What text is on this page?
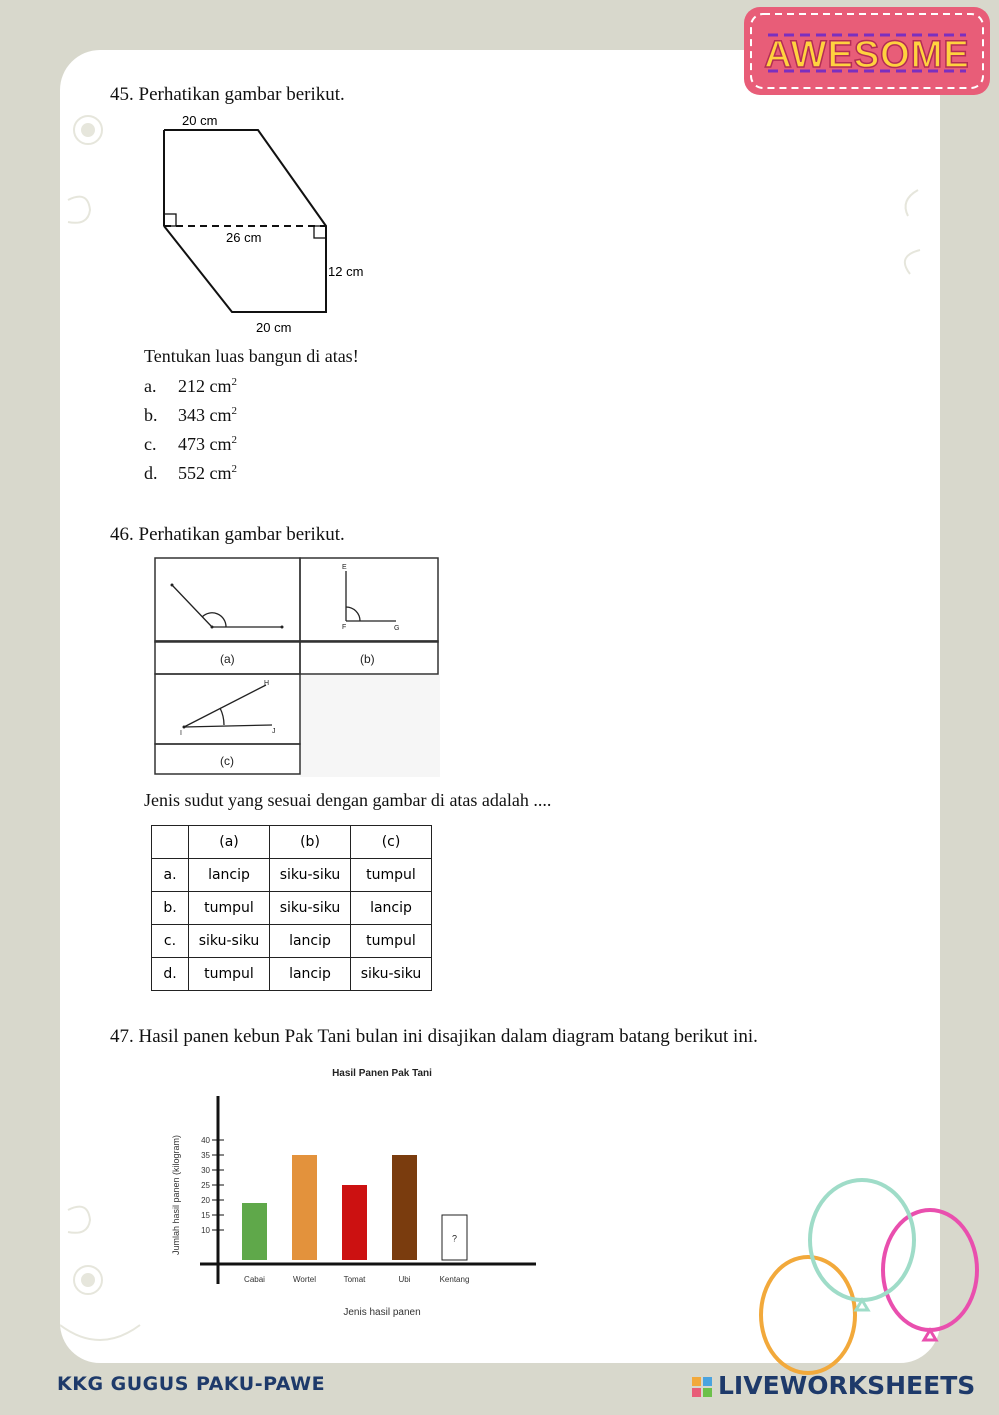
AWESOME
45. Perhatikan gambar berikut.
20 cm
26 cm
12 cm
20 cm
Tentukan luas bangun di atas!
a. 212 $cm^2$
b. 343 $cm^2$
c. 473 $cm^2$
d. 552 $cm^2$
46. Perhatikan gambar berikut.
E
F	G
H
I	J
(a)	(b)
(c)
Jenis sudut yang sesuai dengan gambar di atas adalah ....
	(a)	(b)	(c)
a.	lancip	siku-siku	tumpul
b.	tumpul	siku-siku	lancip
c.	siku-siku	lancip	tumpul
d.	tumpul	lancip	siku-siku
47. Hasil panen kebun Pak Tani bulan ini disajikan dalam diagram batang berikut ini.
Hasil Panen Pak Tani
Jumlah hasil panen (kilogram)
Jenis hasil panen
10
15
20
25
30
35
40
Cabai	Wortel	Tomat	Ubi
?
Kentang
KKG GUGUS PAKU-PAWE	LIVEWORKSHEETS
